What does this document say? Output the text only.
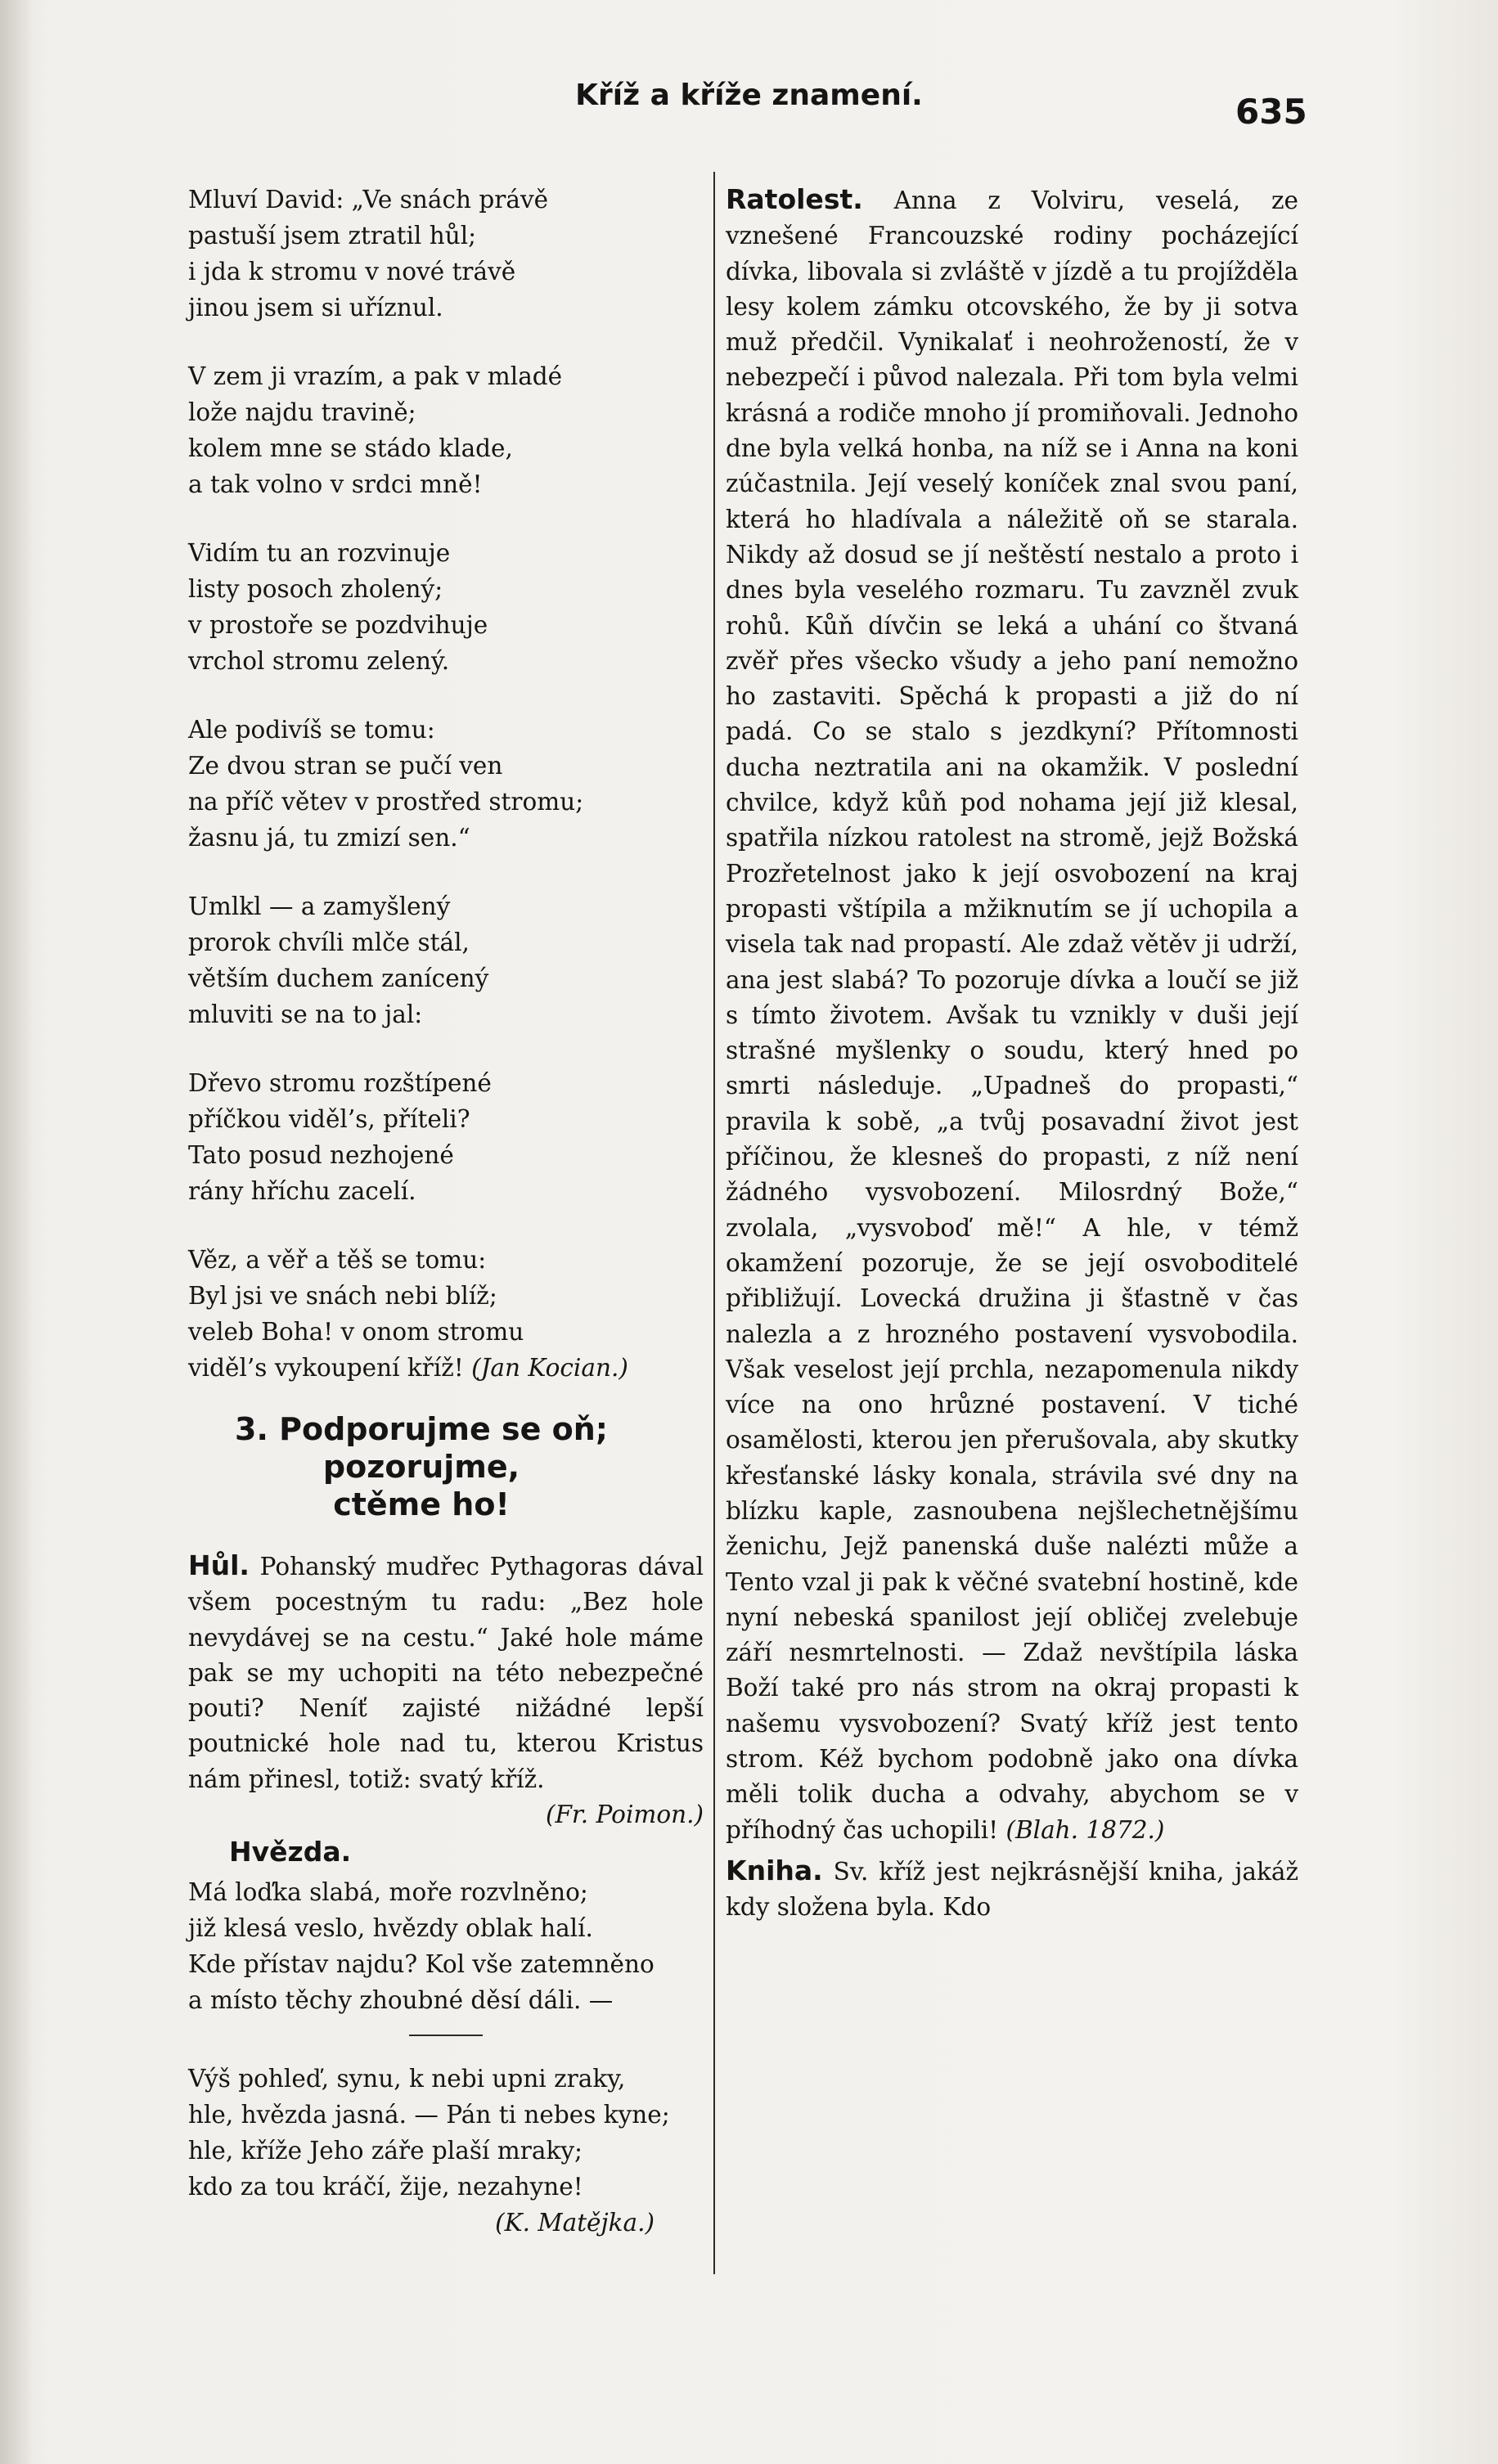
Kříž a kříže znamení.	635
Mluví David: „Ve snách právě
pastuší jsem ztratil hůl;
i jda k stromu v nové trávě
jinou jsem si uříznul.
V zem ji vrazím, a pak v mladé
lože najdu travině;
kolem mne se stádo klade,
a tak volno v srdci mně!
Vidím tu an rozvinuje
listy posoch zholený;
v prostoře se pozdvihuje
vrchol stromu zelený.
Ale podivíš se tomu:
Ze dvou stran se pučí ven
na příč větev v prostřed stromu;
žasnu já, tu zmizí sen.“
Umlkl — a zamyšlený
prorok chvíli mlče stál,
větším duchem zanícený
mluviti se na to jal:
Dřevo stromu rozštípené
příčkou viděl’s, příteli?
Tato posud nezhojené
rány hříchu zacelí.
Věz, a věř a těš se tomu:
Byl jsi ve snách nebi blíž;
veleb Boha! v onom stromu
viděl’s vykoupení kříž! (Jan Kocian.)
3. Podporujme se oň; pozorujme,
ctěme ho!

Hůl. Pohanský mudřec Pythagoras dával všem pocestným tu radu: „Bez hole nevydávej se na cestu.“ Jaké hole máme pak se my uchopiti na této nebezpečné pouti? Neníť zajisté nižádné lepší poutnické hole nad tu, kterou Kristus nám přinesl, totiž: svatý kříž.

(Fr. Poimon.)
Hvězda.
Má loďka slabá, moře rozvlněno;
již klesá veslo, hvězdy oblak halí.
Kde přístav najdu? Kol vše zatemněno
a místo těchy zhoubné děsí dáli. —
Výš pohleď, synu, k nebi upni zraky,
hle, hvězda jasná. — Pán ti nebes kyne;
hle, kříže Jeho záře plaší mraky;
kdo za tou kráčí, žije, nezahyne!
(K. Matějka.)

Ratolest. Anna z Volviru, veselá, ze vznešené Francouzské rodiny pocházející dívka, libovala si zvláště v jízdě a tu projížděla lesy kolem zámku otcovského, že by ji sotva muž předčil. Vynikalať i neohrožeností, že v nebezpečí i původ nalezala. Při tom byla velmi krásná a rodiče mnoho jí promiňovali. Jednoho dne byla velká honba, na níž se i Anna na koni zúčastnila. Její veselý koníček znal svou paní, která ho hladívala a náležitě oň se starala. Nikdy až dosud se jí neštěstí nestalo a proto i dnes byla veselého rozmaru. Tu zavzněl zvuk rohů. Kůň dívčin se leká a uhání co štvaná zvěř přes všecko všudy a jeho paní nemožno ho zastaviti. Spěchá k propasti a již do ní padá. Co se stalo s jezdkyní? Přítomnosti ducha neztratila ani na okamžik. V poslední chvilce, když kůň pod nohama její již klesal, spatřila nízkou ratolest na stromě, jejž Božská Prozřetelnost jako k její osvobození na kraj propasti vštípila a mžiknutím se jí uchopila a visela tak nad propastí. Ale zdaž větěv ji udrží, ana jest slabá? To pozoruje dívka a loučí se již s tímto životem. Avšak tu vznikly v duši její strašné myšlenky o soudu, který hned po smrti následuje. „Upadneš do propasti,“ pravila k sobě, „a tvůj posavadní život jest příčinou, že klesneš do propasti, z níž není žádného vysvobození. Milosrdný Bože,“ zvolala, „vysvoboď mě!“ A hle, v témž okamžení pozoruje, že se její osvoboditelé přibližují. Lovecká družina ji šťastně v čas nalezla a z hrozného postavení vysvobodila. Však veselost její prchla, nezapomenula nikdy více na ono hrůzné postavení. V tiché osamělosti, kterou jen přerušovala, aby skutky křesťanské lásky konala, strávila své dny na blízku kaple, zasnoubena nejšlechetnějšímu ženichu, Jejž panenská duše nalézti může a Tento vzal ji pak k věčné svatební hostině, kde nyní nebeská spanilost její obličej zvelebuje září nesmrtelnosti. — Zdaž nevštípila láska Boží také pro nás strom na okraj propasti k našemu vysvobození? Svatý kříž jest tento strom. Kéž bychom podobně jako ona dívka měli tolik ducha a odvahy, abychom se v příhodný čas uchopili! (Blah. 1872.)

Kniha. Sv. kříž jest nejkrásnější kniha, jakáž kdy složena byla. Kdo
